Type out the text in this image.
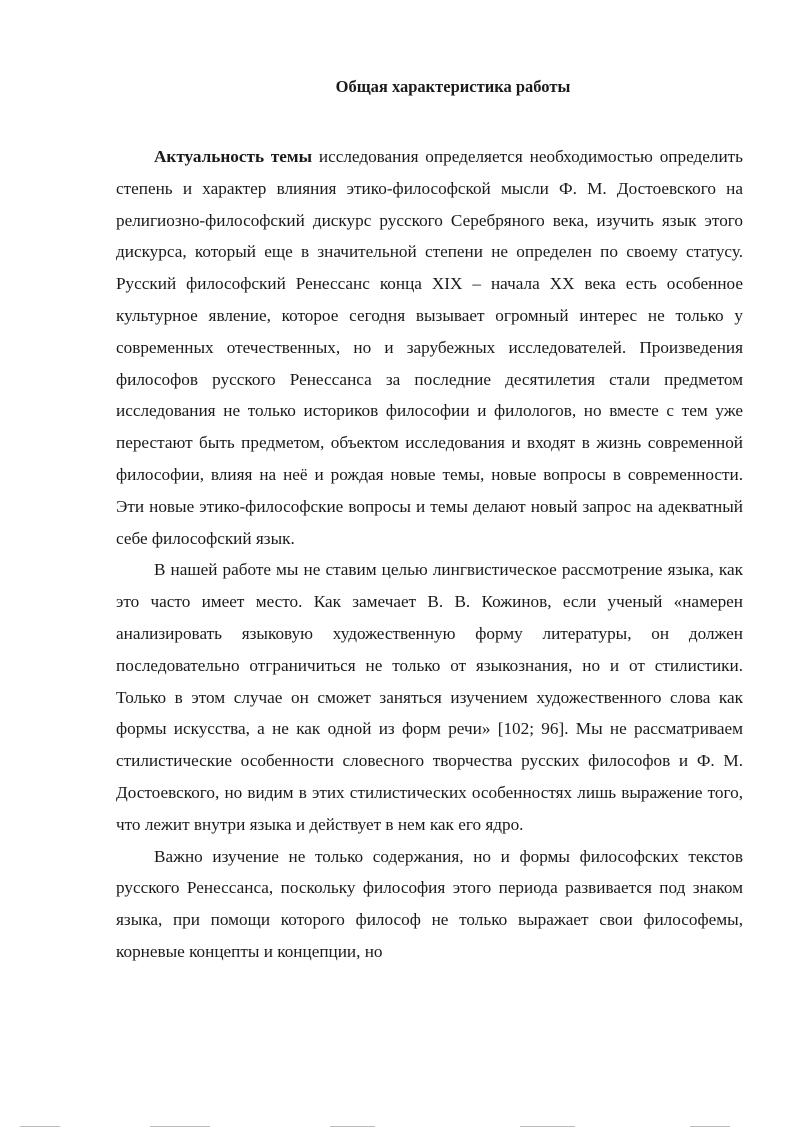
Общая характеристика работы

Актуальность темы исследования определяется необходимостью определить степень и характер влияния этико-философской мысли Ф. М. Достоевского на религиозно-философский дискурс русского Серебряного века, изучить язык этого дискурса, который еще в значительной степени не определен по своему статусу. Русский философский Ренессанс конца XIX – начала XX века есть особенное культурное явление, которое сегодня вызывает огромный интерес не только у современных отечественных, но и зарубежных исследователей. Произведения философов русского Ренессанса за последние десятилетия стали предметом исследования не только историков философии и филологов, но вместе с тем уже перестают быть предметом, объектом исследования и входят в жизнь современной философии, влияя на неё и рождая новые темы, новые вопросы в современности. Эти новые этико-философские вопросы и темы делают новый запрос на адекватный себе философский язык.

В нашей работе мы не ставим целью лингвистическое рассмотрение языка, как это часто имеет место. Как замечает В. В. Кожинов, если ученый «намерен анализировать языковую художественную форму литературы, он должен последовательно отграничиться не только от языкознания, но и от стилистики. Только в этом случае он сможет заняться изучением художественного слова как формы искусства, а не как одной из форм речи» [102; 96]. Мы не рассматриваем стилистические особенности словесного творчества русских философов и Ф. М. Достоевского, но видим в этих стилистических особенностях лишь выражение того, что лежит внутри языка и действует в нем как его ядро.

Важно изучение не только содержания, но и формы философских текстов русского Ренессанса, поскольку философия этого периода развивается под знаком языка, при помощи которого философ не только выражает свои философемы, корневые концепты и концепции, но
